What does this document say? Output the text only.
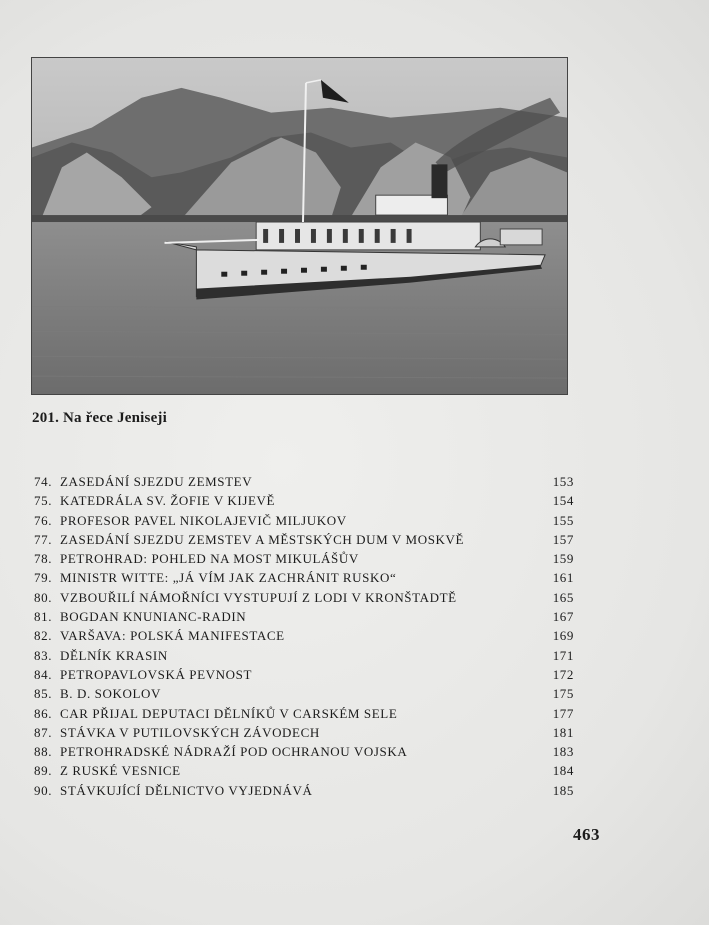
201. Na řece Jeniseji
74. ZASEDÁNÍ SJEZDU ZEMSTEV	153
75. KATEDRÁLA SV. ŽOFIE V KIJEVĚ	154
76. PROFESOR PAVEL NIKOLAJEVIČ MILJUKOV	155
77. ZASEDÁNÍ SJEZDU ZEMSTEV A MĚSTSKÝCH DUM V MOSKVĚ	157
78. PETROHRAD: POHLED NA MOST MIKULÁŠŮV	159
79. MINISTR WITTE: „JÁ VÍM JAK ZACHRÁNIT RUSKO“	161
80. VZBOUŘILÍ NÁMOŘNÍCI VYSTUPUJÍ Z LODI V KRONŠTADTĚ	165
81. BOGDAN KNUNIANC-RADIN	167
82. VARŠAVA: POLSKÁ MANIFESTACE	169
83. DĚLNÍK KRASIN	171
84. PETROPAVLOVSKÁ PEVNOST	172
85. B. D. SOKOLOV	175
86. CAR PŘIJAL DEPUTACI DĚLNÍKŮ V CARSKÉM SELE	177
87. STÁVKA V PUTILOVSKÝCH ZÁVODECH	181
88. PETROHRADSKÉ NÁDRAŽÍ POD OCHRANOU VOJSKA	183
89. Z RUSKÉ VESNICE	184
90. STÁVKUJÍCÍ DĚLNICTVO VYJEDNÁVÁ	185
463
